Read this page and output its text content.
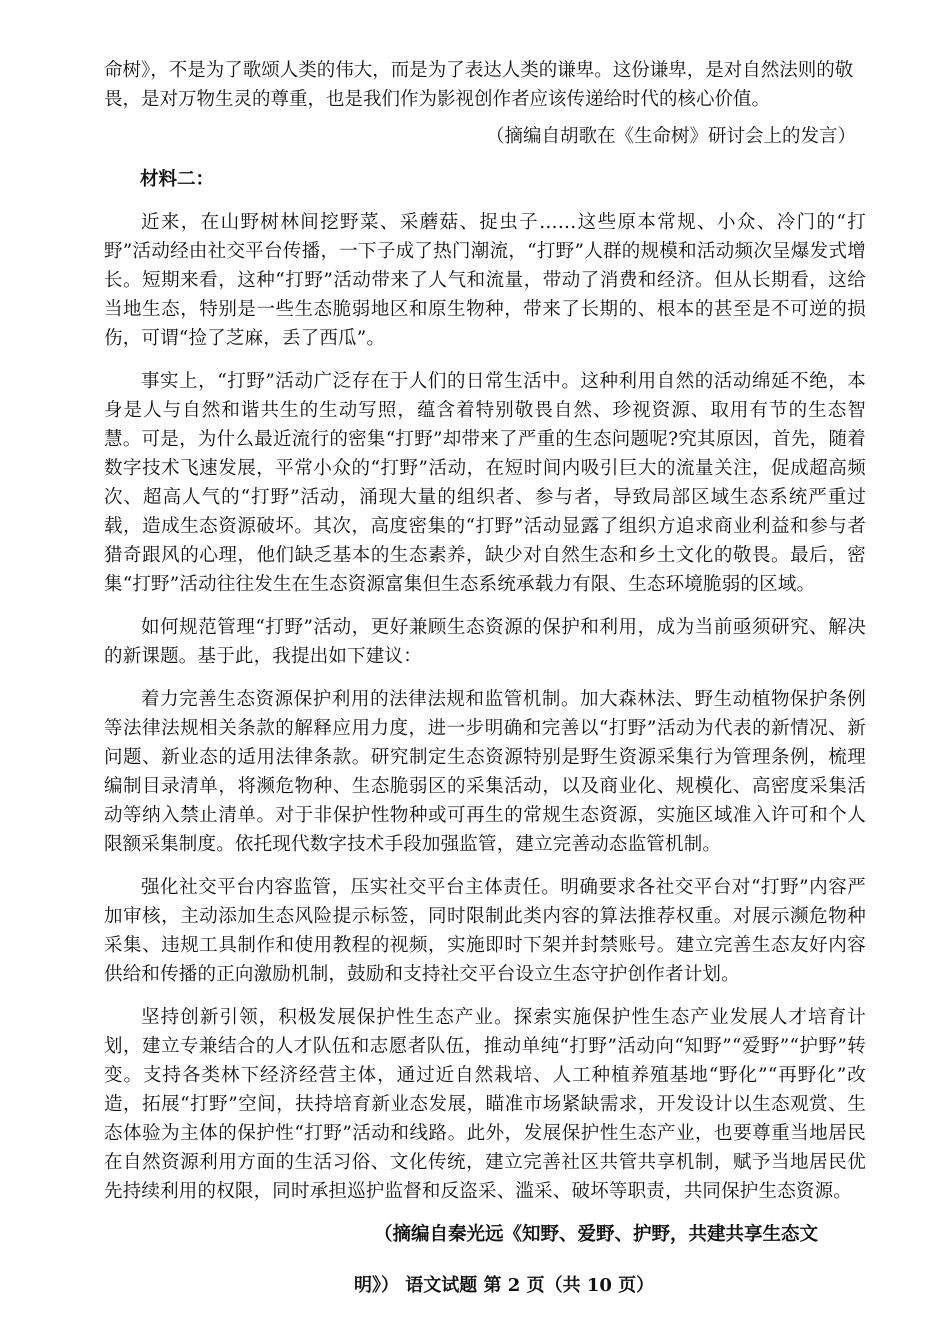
命树》，不是为了歌颂人类的伟大，而是为了表达人类的谦卑。这份谦卑，是对自然法则的敬
畏，是对万物生灵的尊重，也是我们作为影视创作者应该传递给时代的核心价值。
（摘编自胡歌在《生命树》研讨会上的发言）
材料二：

近来，在山野树林间挖野菜、采蘑菇、捉虫子……这些原本常规、小众、冷门的“打野”活动经由社交平台传播，一下子成了热门潮流，“打野”人群的规模和活动频次呈爆发式增长。短期来看，这种“打野”活动带来了人气和流量，带动了消费和经济。但从长期看，这给当地生态，特别是一些生态脆弱地区和原生物种，带来了长期的、根本的甚至是不可逆的损伤，可谓“捡了芝麻，丢了西瓜”。

事实上，“打野”活动广泛存在于人们的日常生活中。这种利用自然的活动绵延不绝，本身是人与自然和谐共生的生动写照，蕴含着特别敬畏自然、珍视资源、取用有节的生态智慧。可是，为什么最近流行的密集“打野”却带来了严重的生态问题呢?究其原因，首先，随着数字技术飞速发展，平常小众的“打野”活动，在短时间内吸引巨大的流量关注，促成超高频次、超高人气的“打野”活动，涌现大量的组织者、参与者，导致局部区域生态系统严重过载，造成生态资源破坏。其次，高度密集的“打野”活动显露了组织方追求商业利益和参与者猎奇跟风的心理，他们缺乏基本的生态素养，缺少对自然生态和乡土文化的敬畏。最后，密集“打野”活动往往发生在生态资源富集但生态系统承载力有限、生态环境脆弱的区域。

如何规范管理“打野”活动，更好兼顾生态资源的保护和利用，成为当前亟须研究、解决的新课题。基于此，我提出如下建议：

着力完善生态资源保护利用的法律法规和监管机制。加大森林法、野生动植物保护条例等法律法规相关条款的解释应用力度，进一步明确和完善以“打野”活动为代表的新情况、新问题、新业态的适用法律条款。研究制定生态资源特别是野生资源采集行为管理条例，梳理编制目录清单，将濒危物种、生态脆弱区的采集活动，以及商业化、规模化、高密度采集活动等纳入禁止清单。对于非保护性物种或可再生的常规生态资源，实施区域准入许可和个人限额采集制度。依托现代数字技术手段加强监管，建立完善动态监管机制。

强化社交平台内容监管，压实社交平台主体责任。明确要求各社交平台对“打野”内容严加审核，主动添加生态风险提示标签，同时限制此类内容的算法推荐权重。对展示濒危物种采集、违规工具制作和使用教程的视频，实施即时下架并封禁账号。建立完善生态友好内容供给和传播的正向激励机制，鼓励和支持社交平台设立生态守护创作者计划。

坚持创新引领，积极发展保护性生态产业。探索实施保护性生态产业发展人才培育计划，建立专兼结合的人才队伍和志愿者队伍，推动单纯“打野”活动向“知野”“爱野”“护野”转变。支持各类林下经济经营主体，通过近自然栽培、人工种植养殖基地“野化”“再野化”改造，拓展“打野”空间，扶持培育新业态发展，瞄准市场紧缺需求，开发设计以生态观赏、生态体验为主体的保护性“打野”活动和线路。此外，发展保护性生态产业，也要尊重当地居民在自然资源利用方面的生活习俗、文化传统，建立完善社区共管共享机制，赋予当地居民优先持续利用的权限，同时承担巡护监督和反盗采、滥采、破坏等职责，共同保护生态资源。

（摘编自秦光远《知野、爱野、护野，共建共享生态文
明》） 语文试题 第 2 页（共 10 页）
